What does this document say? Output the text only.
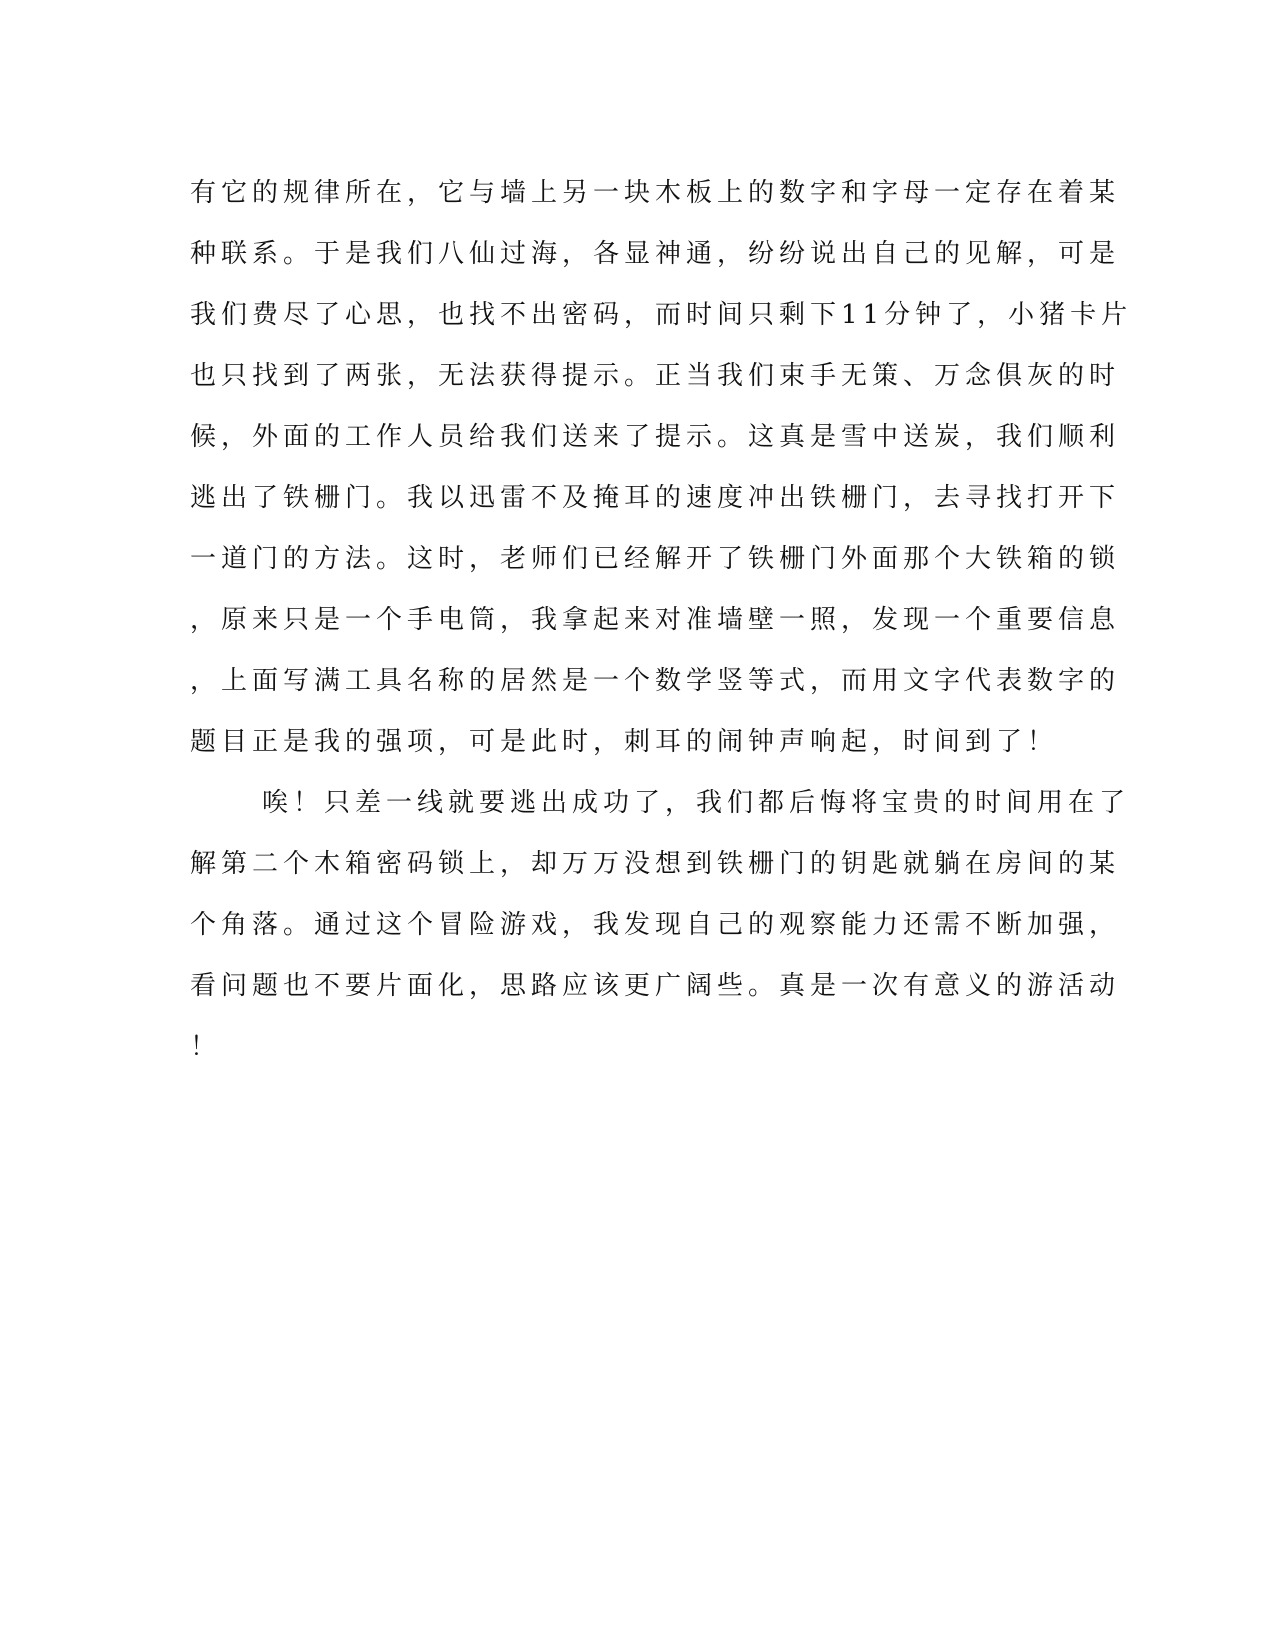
有它的规律所在，它与墙上另一块木板上的数字和字母一定存在着某
种联系。于是我们八仙过海，各显神通，纷纷说出自己的见解，可是
我们费尽了心思，也找不出密码，而时间只剩下11分钟了，小猪卡片
也只找到了两张，无法获得提示。正当我们束手无策、万念俱灰的时
候，外面的工作人员给我们送来了提示。这真是雪中送炭，我们顺利
逃出了铁栅门。我以迅雷不及掩耳的速度冲出铁栅门，去寻找打开下
一道门的方法。这时，老师们已经解开了铁栅门外面那个大铁箱的锁
，原来只是一个手电筒，我拿起来对准墙壁一照，发现一个重要信息
，上面写满工具名称的居然是一个数学竖等式，而用文字代表数字的
题目正是我的强项，可是此时，刺耳的闹钟声响起，时间到了！
唉！只差一线就要逃出成功了，我们都后悔将宝贵的时间用在了
解第二个木箱密码锁上，却万万没想到铁栅门的钥匙就躺在房间的某
个角落。通过这个冒险游戏，我发现自己的观察能力还需不断加强，
看问题也不要片面化，思路应该更广阔些。真是一次有意义的游活动
！
